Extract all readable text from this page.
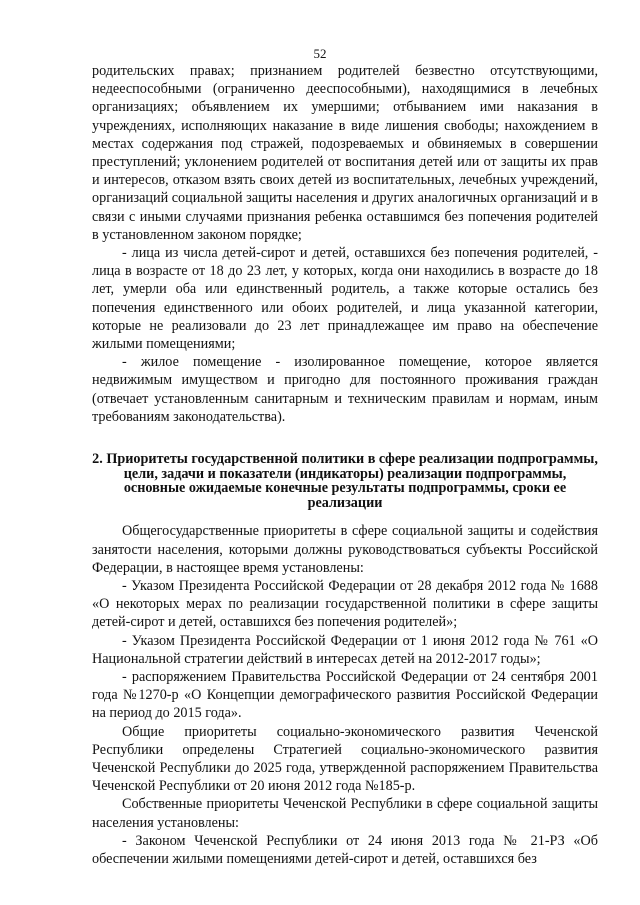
52

родительских правах; признанием родителей безвестно отсутствующими, недееспособными (ограниченно дееспособными), находящимися в лечебных организациях; объявлением их умершими; отбыванием ими наказания в учреждениях, исполняющих наказание в виде лишения свободы; нахождением в местах содержания под стражей, подозреваемых и обвиняемых в совершении преступлений; уклонением родителей от воспитания детей или от защиты их прав и интересов, отказом взять своих детей из воспитательных, лечебных учреждений, организаций социальной защиты населения и других аналогичных организаций и в связи с иными случаями признания ребенка оставшимся без попечения родителей в установленном законом порядке;

- лица из числа детей-сирот и детей, оставшихся без попечения родителей, - лица в возрасте от 18 до 23 лет, у которых, когда они находились в возрасте до 18 лет, умерли оба или единственный родитель, а также которые остались без попечения единственного или обоих родителей, и лица указанной категории, которые не реализовали до 23 лет принадлежащее им право на обеспечение жилыми помещениями;

- жилое помещение - изолированное помещение, которое является недвижимым имуществом и пригодно для постоянного проживания граждан (отвечает установленным санитарным и техническим правилам и нормам, иным требованиям законодательства).

2. Приоритеты государственной политики в сфере реализации подпрограммы, цели, задачи и показатели (индикаторы) реализации подпрограммы, основные ожидаемые конечные результаты подпрограммы, сроки ее реализации

Общегосударственные приоритеты в сфере социальной защиты и содействия занятости населения, которыми должны руководствоваться субъекты Российской Федерации, в настоящее время установлены:

- Указом Президента Российской Федерации от 28 декабря 2012 года № 1688 «О некоторых мерах по реализации государственной политики в сфере защиты детей-сирот и детей, оставшихся без попечения родителей»;

- Указом Президента Российской Федерации от 1 июня 2012 года № 761 «О Национальной стратегии действий в интересах детей на 2012-2017 годы»;

- распоряжением Правительства Российской Федерации от 24 сентября 2001 года №1270-р «О Концепции демографического развития Российской Федерации на период до 2015 года».

Общие приоритеты социально-экономического развития Чеченской Республики определены Стратегией социально-экономического развития Чеченской Республики до 2025 года, утвержденной распоряжением Правительства Чеченской Республики от 20 июня 2012 года №185-р.

Собственные приоритеты Чеченской Республики в сфере социальной защиты населения установлены:

- Законом Чеченской Республики от 24 июня 2013 года № 21-РЗ «Об обеспечении жилыми помещениями детей-сирот и детей, оставшихся без
